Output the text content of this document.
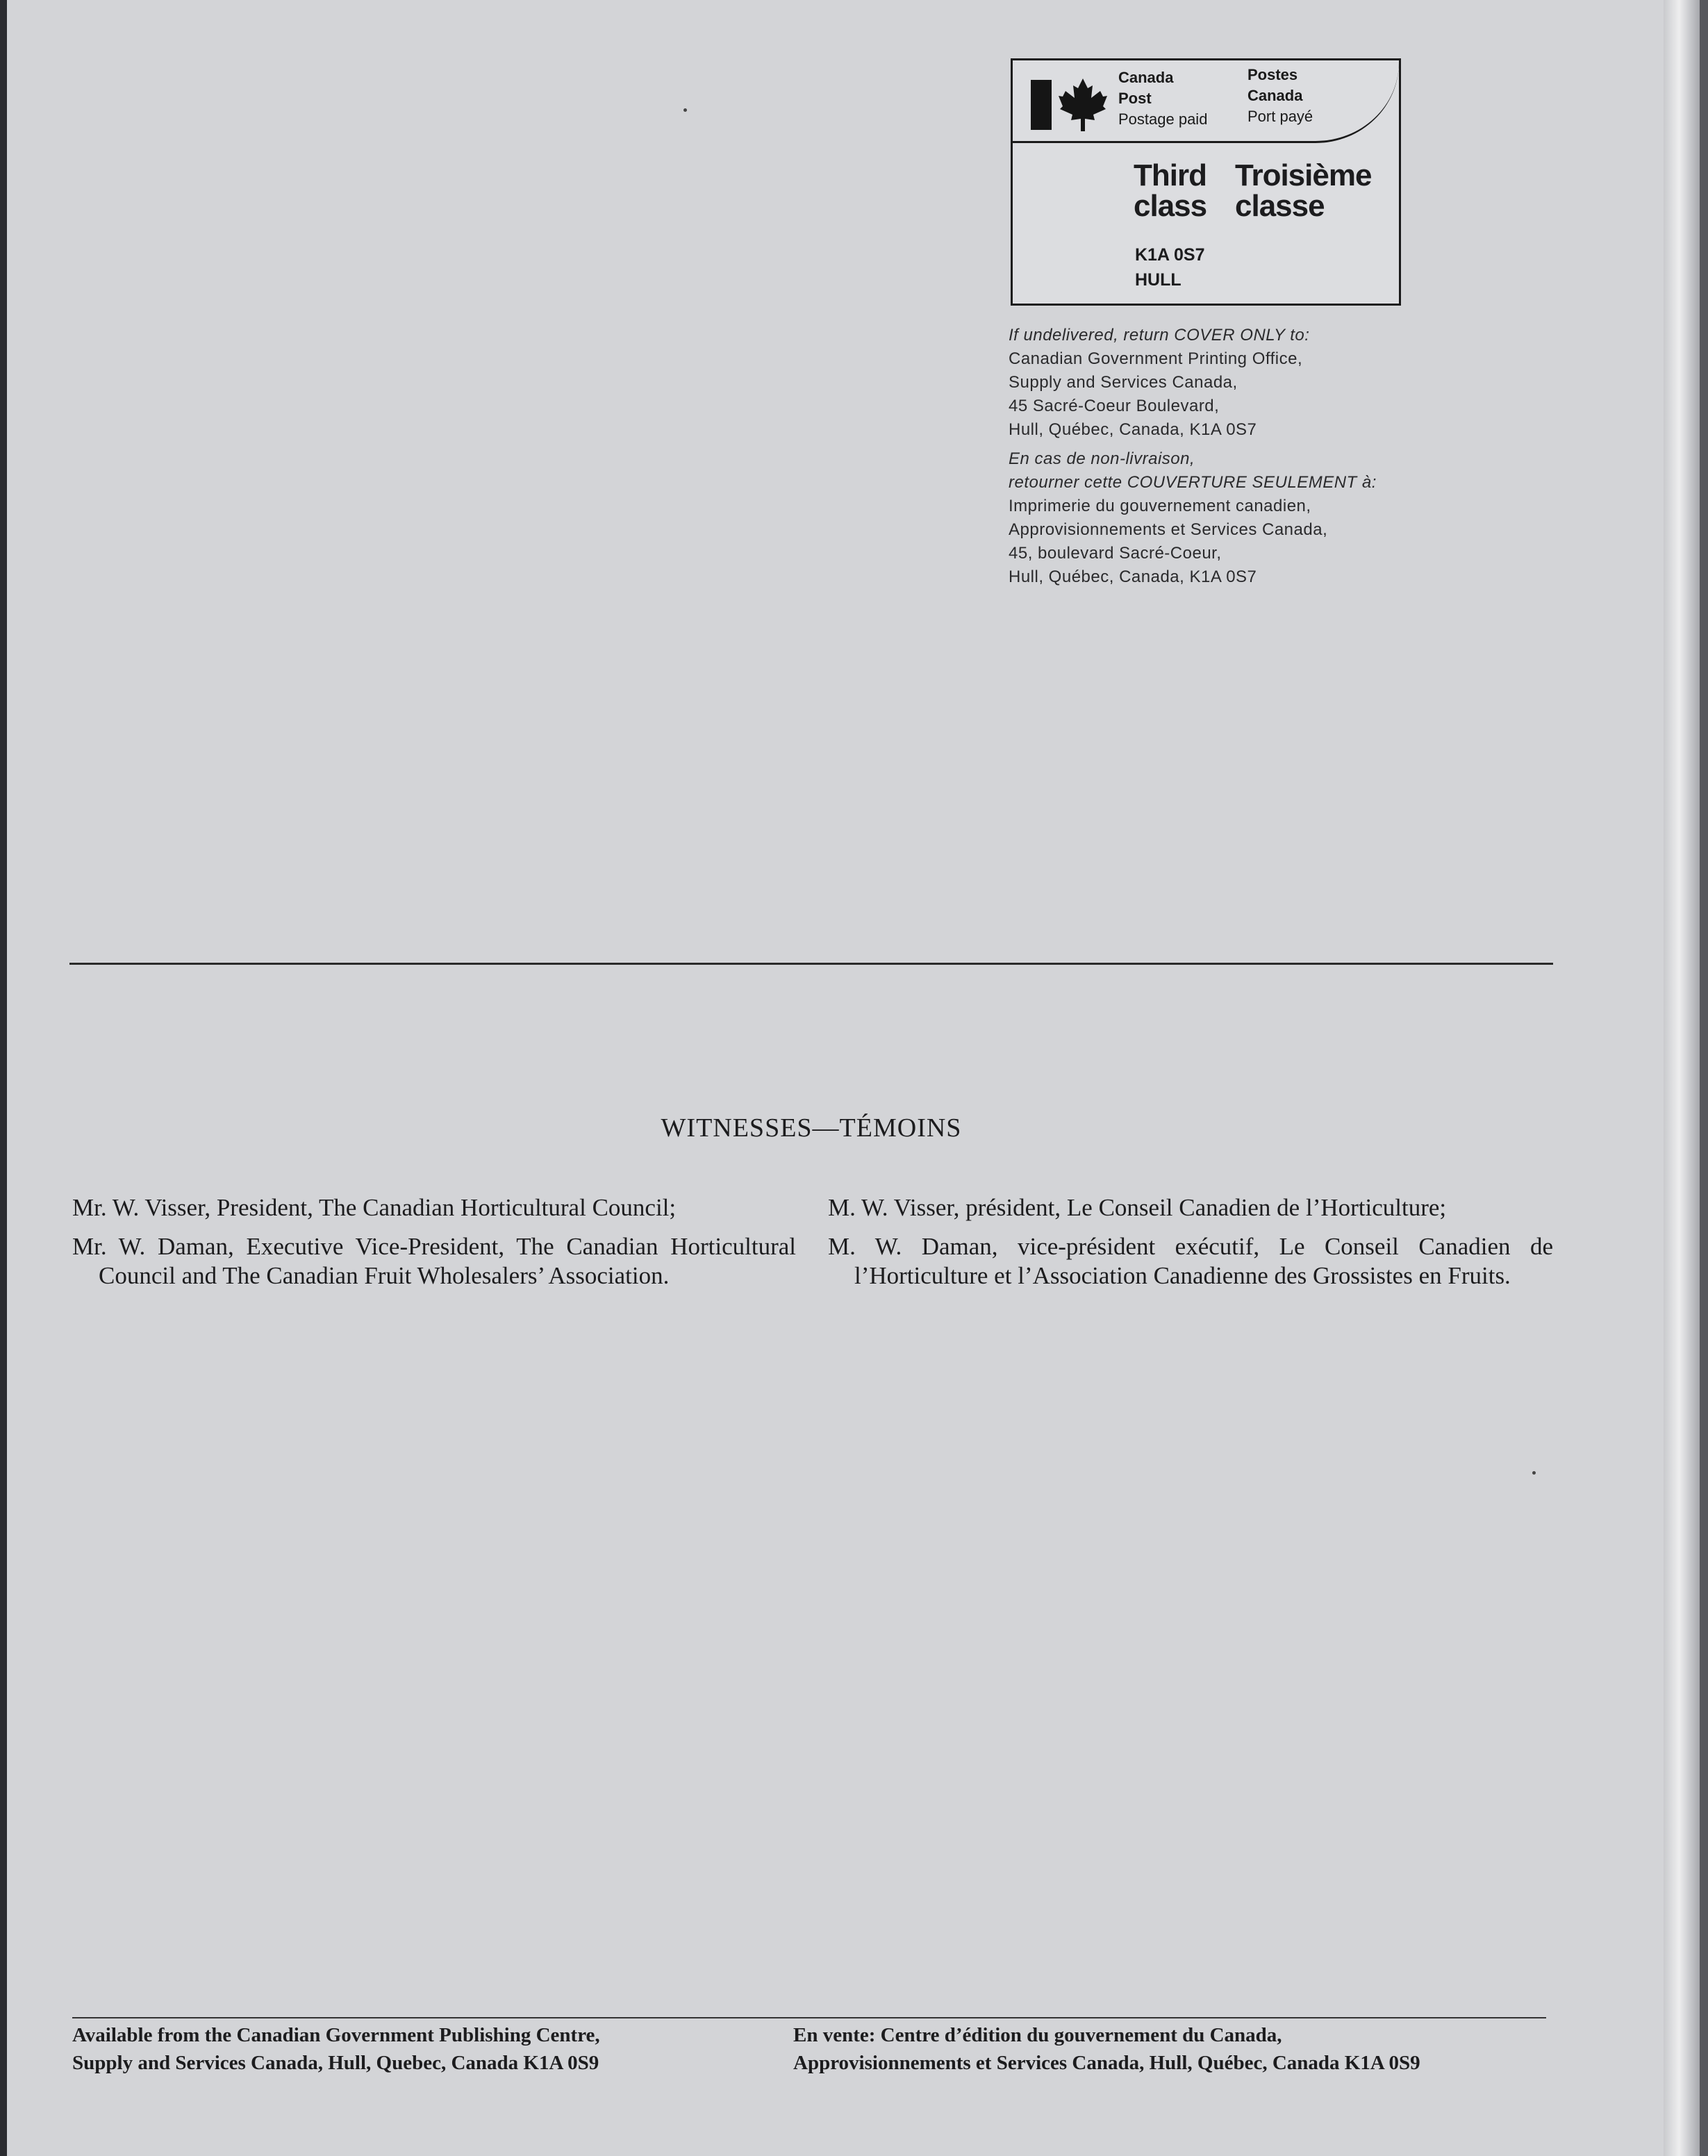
Canada
Post
Postage paid
Postes
Canada
Port payé
Third
class
Troisième
classe
K1A 0S7
HULL
If undelivered, return COVER ONLY to:
Canadian Government Printing Office,
Supply and Services Canada,
45 Sacré-Coeur Boulevard,
Hull, Québec, Canada, K1A 0S7
En cas de non-livraison,
retourner cette COUVERTURE SEULEMENT à:
Imprimerie du gouvernement canadien,
Approvisionnements et Services Canada,
45, boulevard Sacré-Coeur,
Hull, Québec, Canada, K1A 0S7
WITNESSES—TÉMOINS
Mr. W. Visser, President, The Canadian Horticultural Council;
Mr. W. Daman, Executive Vice-President, The Canadian Horticultural Council and The Canadian Fruit Wholesalers’ Association.
M. W. Visser, président, Le Conseil Canadien de l’Horticulture;
M. W. Daman, vice-président exécutif, Le Conseil Canadien de l’Horticulture et l’Association Canadienne des Grossistes en Fruits.
Available from the Canadian Government Publishing Centre,
Supply and Services Canada, Hull, Quebec, Canada K1A 0S9
En vente: Centre d’édition du gouvernement du Canada,
Approvisionnements et Services Canada, Hull, Québec, Canada K1A 0S9
